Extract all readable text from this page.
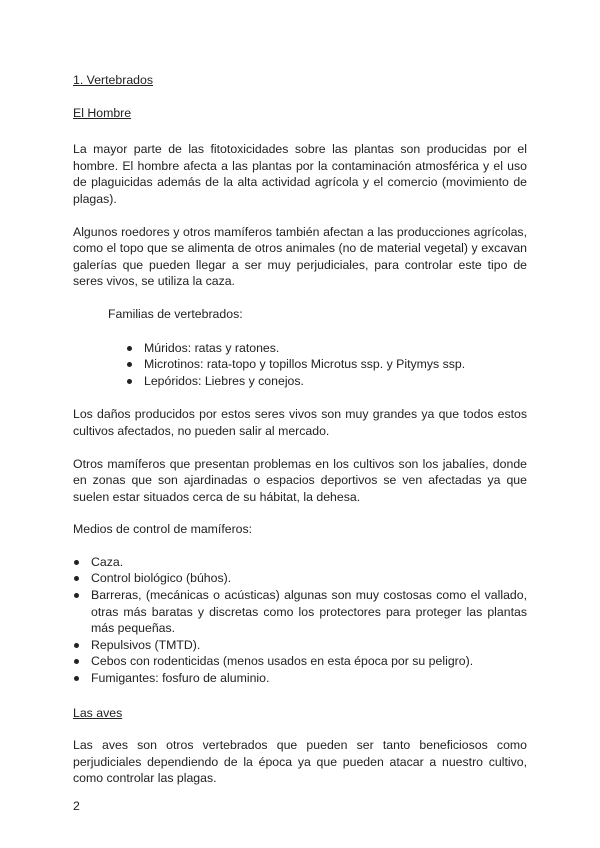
1. Vertebrados

El Hombre

La mayor parte de las fitotoxicidades sobre las plantas son producidas por el hombre. El hombre afecta a las plantas por la contaminación atmosférica y el uso de plaguicidas además de la alta actividad agrícola y el comercio (movimiento de plagas).

Algunos roedores y otros mamíferos también afectan a las producciones agrícolas, como el topo que se alimenta de otros animales (no de material vegetal) y excavan galerías que pueden llegar a ser muy perjudiciales, para controlar este tipo de seres vivos, se utiliza la caza.

Familias de vertebrados:

Múridos: ratas y ratones.
Microtinos: rata-topo y topillos Microtus ssp. y Pitymys ssp.
Lepóridos: Liebres y conejos.

Los daños producidos por estos seres vivos son muy grandes ya que todos estos cultivos afectados, no pueden salir al mercado.

Otros mamíferos que presentan problemas en los cultivos son los jabalíes, donde en zonas que son ajardinadas o espacios deportivos se ven afectadas ya que suelen estar situados cerca de su hábitat, la dehesa.

Medios de control de mamíferos:

Caza.
Control biológico (búhos).
Barreras, (mecánicas o acústicas) algunas son muy costosas como el vallado, otras más baratas y discretas como los protectores para proteger las plantas más pequeñas.
Repulsivos (TMTD).
Cebos con rodenticidas (menos usados en esta época por su peligro).
Fumigantes: fosfuro de aluminio.

Las aves

Las aves son otros vertebrados que pueden ser tanto beneficiosos como perjudiciales dependiendo de la época ya que pueden atacar a nuestro cultivo, como controlar las plagas.

2
